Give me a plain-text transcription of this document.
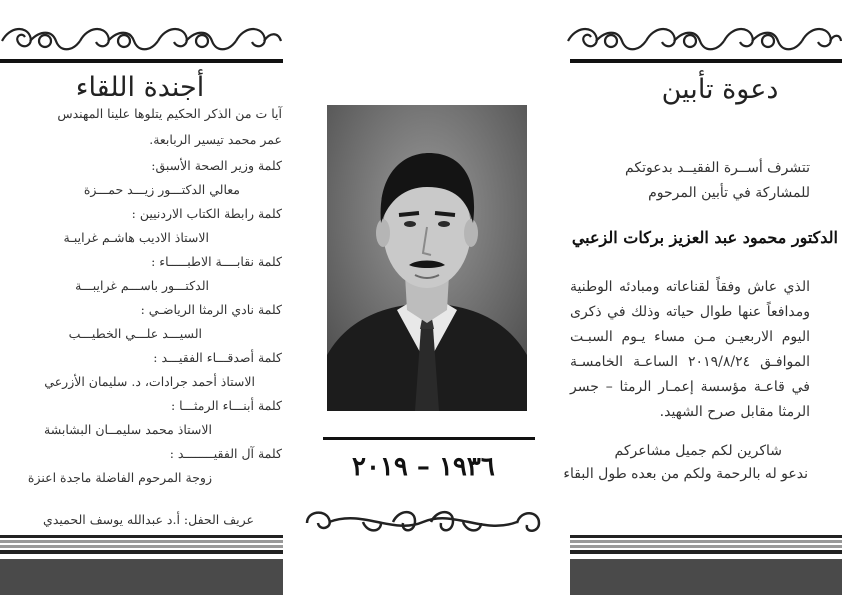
أجندة اللقاء
آيا ت من الذكر الحكيم يتلوها علينا المهندس
عمر محمد تيسير الربابعة.
كلمة وزير الصحة الأسبق:
معالي الدكتـــور زيـــد حمـــزة
كلمة رابطة الكتاب الاردنيين :
الاستاذ الاديب هاشـم غرايبـة
كلمة نقابــــة الاطبـــــاء :
الدكتـــور باســـم غرايبـــة
كلمة نادي الرمثا الرياضـي :
السيـــد علـــي الخطيـــب
كلمة أصدقـــاء الفقيـــد :
الاستاذ أحمد جرادات، د. سليمان الأزرعي
كلمة أبنـــاء الرمثـــا :
الاستاذ محمد سليمــان البشابشة
كلمة آل الفقيــــــــد :
زوجة المرحوم الفاضلة ماجدة اعنزة
عريف الحفل: أ.د عبدالله يوسف الحميدي
١٩٣٦ – ٢٠١٩
دعوة تأبين
تتشرف أســرة الفقيــد بدعوتكم للمشاركة في تأبين المرحوم
الدكتور محمود عبد العزيز بركات الزعبي
الذي عاش وفقاً لقناعاته ومبادئه الوطنية ومدافعاً عنها طوال حياته وذلك في ذكرى اليوم الاربعيـن مـن مساء يـوم السبـت الموافـق ٢٠١٩/٨/٢٤ الساعـة الخامسـة في قاعـة مؤسسة إعمـار الرمثا – جسر الرمثا مقابل صرح الشهيد.
شاكرين لكم جميل مشاعركم
ندعو له بالرحمة ولكم من بعده طول البقاء
